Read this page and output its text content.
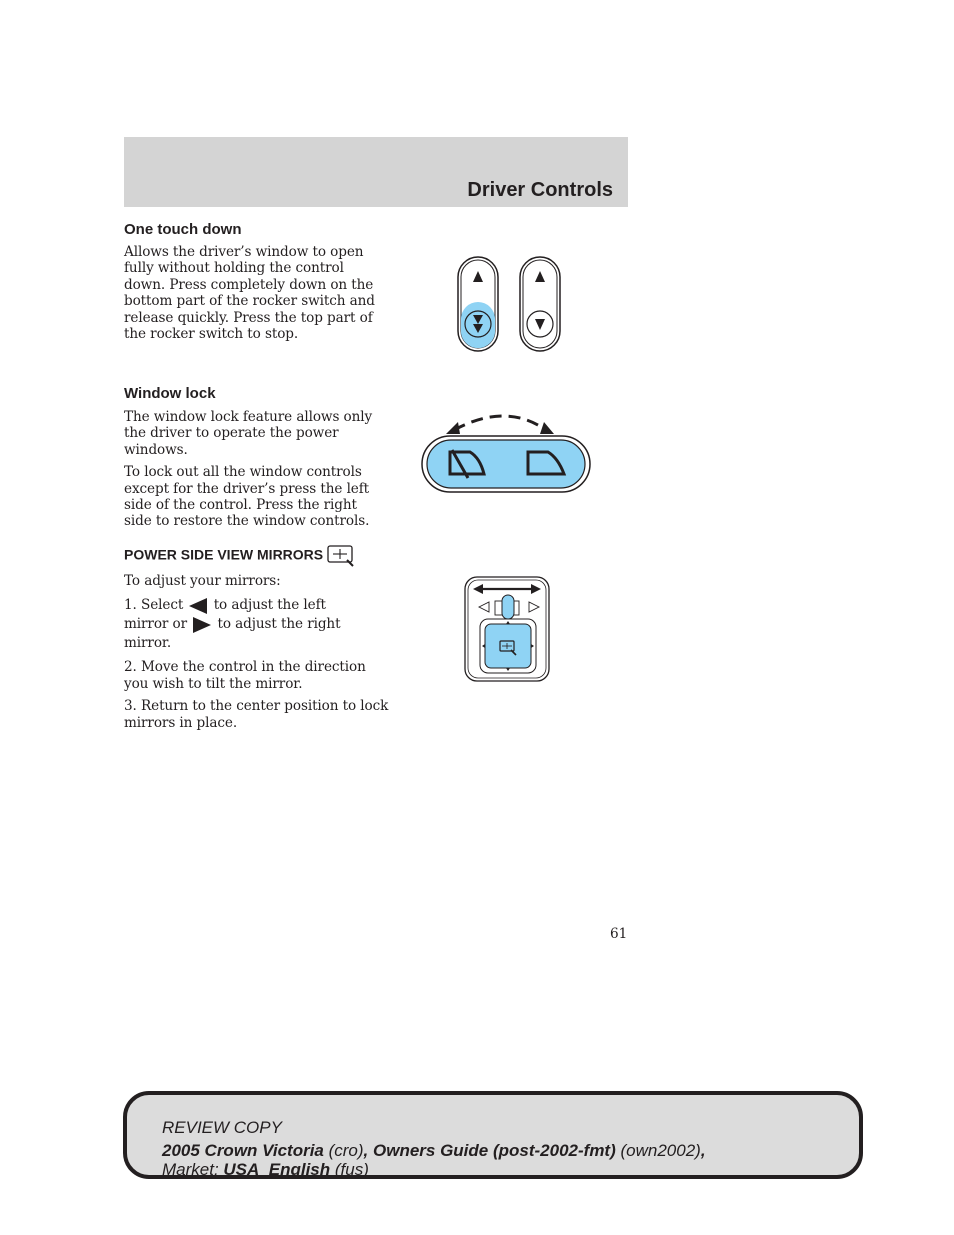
Driver Controls

One touch down

Allows the driver’s window to open fully without holding the control down. Press completely down on the bottom part of the rocker switch and release quickly. Press the top part of the rocker switch to stop.

Window lock

The window lock feature allows only the driver to operate the power windows.

To lock out all the window controls except for the driver’s press the left side of the control. Press the right side to restore the window controls.

POWER SIDE VIEW MIRRORS

To adjust your mirrors:

1. Select to adjust the left
mirror or to adjust the right
mirror.

2. Move the control in the direction you wish to tilt the mirror.

3. Return to the center position to lock mirrors in place.

61
REVIEW COPY
2005 Crown Victoria (cro), Owners Guide (post-2002-fmt) (own2002),
Market: USA_English (fus)
